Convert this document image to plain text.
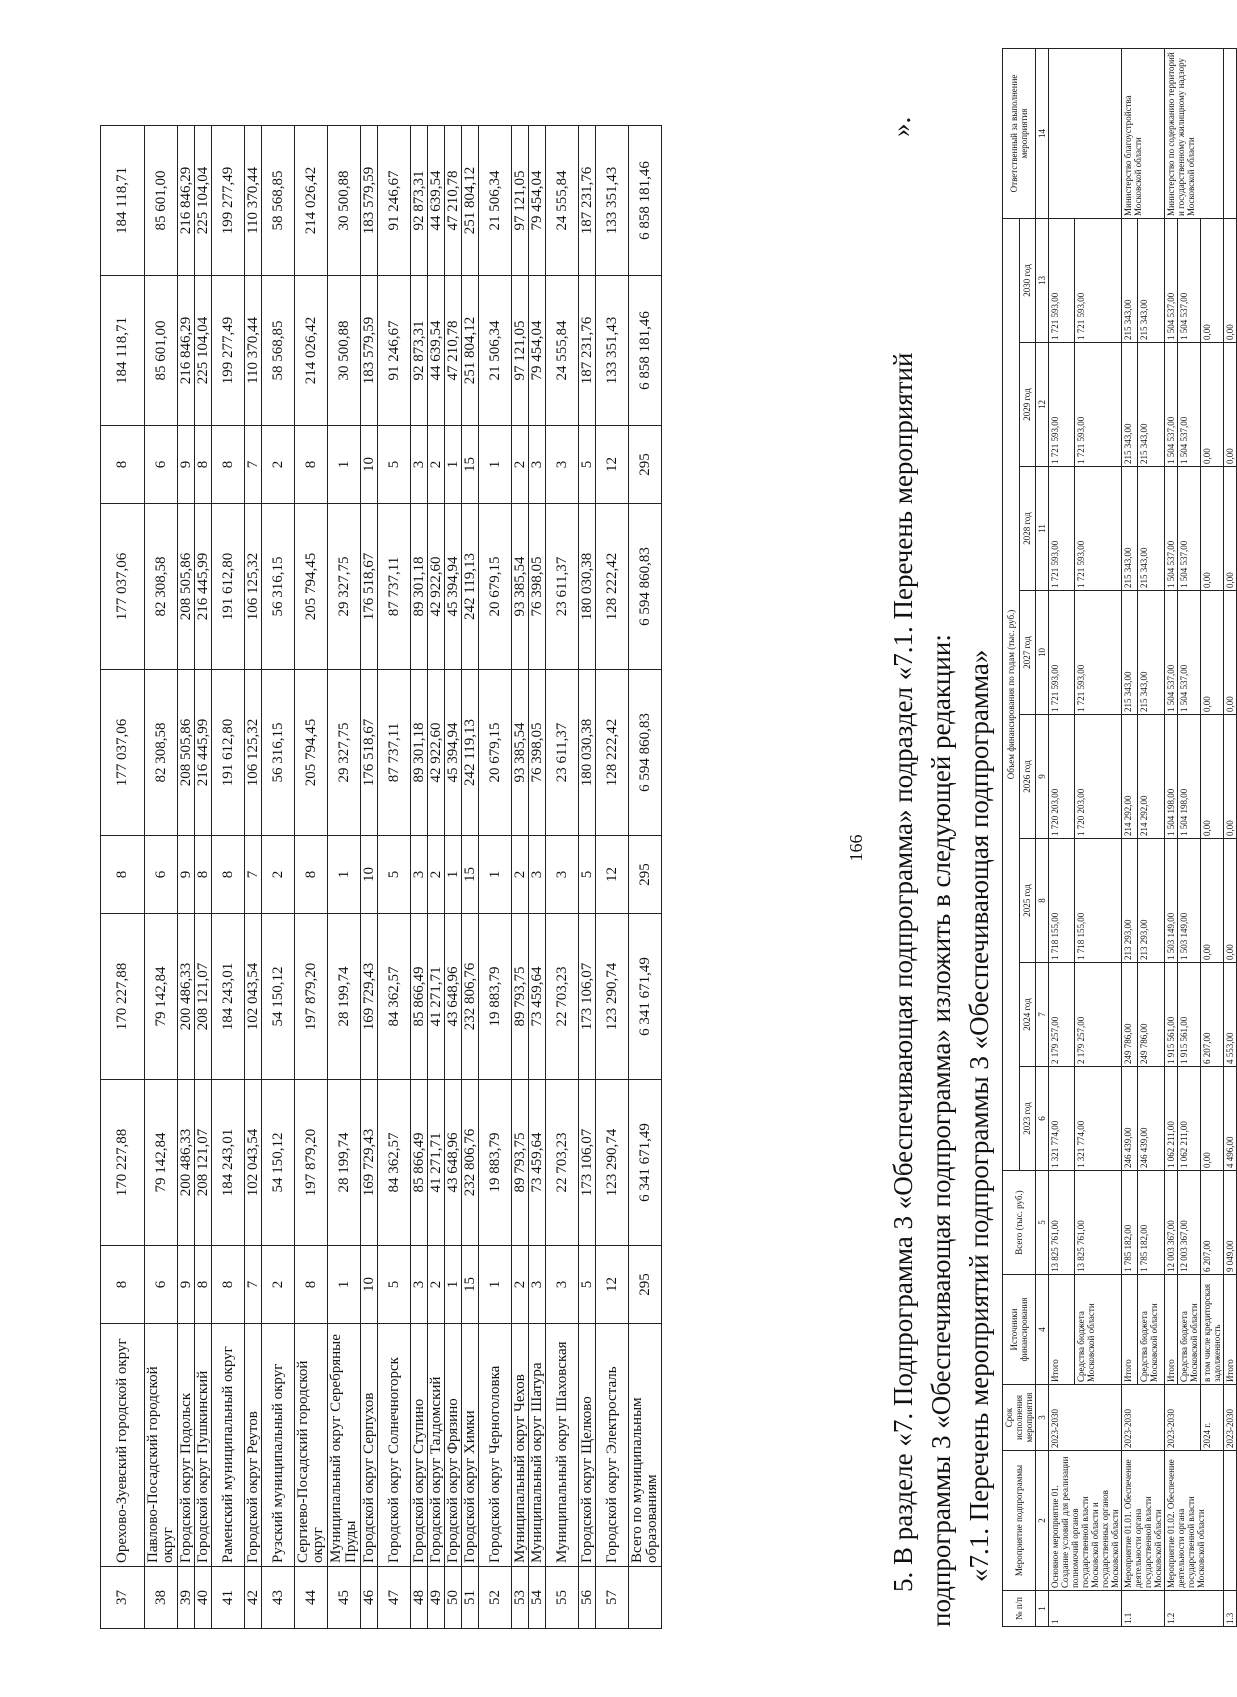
166
37	Орехово-Зуевский городской округ	8	170 227,88	170 227,88	8	177 037,06	177 037,06	8	184 118,71	184 118,71
38	Павлово-Посадский городской округ	6	79 142,84	79 142,84	6	82 308,58	82 308,58	6	85 601,00	85 601,00
39	Городской округ Подольск	9	200 486,33	200 486,33	9	208 505,86	208 505,86	9	216 846,29	216 846,29
40	Городской округ Пушкинский	8	208 121,07	208 121,07	8	216 445,99	216 445,99	8	225 104,04	225 104,04
41	Раменский муниципальный округ	8	184 243,01	184 243,01	8	191 612,80	191 612,80	8	199 277,49	199 277,49
42	Городской округ Реутов	7	102 043,54	102 043,54	7	106 125,32	106 125,32	7	110 370,44	110 370,44
43	Рузский муниципальный округ	2	54 150,12	54 150,12	2	56 316,15	56 316,15	2	58 568,85	58 568,85
44	Сергиево-Посадский городской округ	8	197 879,20	197 879,20	8	205 794,45	205 794,45	8	214 026,42	214 026,42
45	Муниципальный округ Серебряные Пруды	1	28 199,74	28 199,74	1	29 327,75	29 327,75	1	30 500,88	30 500,88
46	Городской округ Серпухов	10	169 729,43	169 729,43	10	176 518,67	176 518,67	10	183 579,59	183 579,59
47	Городской округ Солнечногорск	5	84 362,57	84 362,57	5	87 737,11	87 737,11	5	91 246,67	91 246,67
48	Городской округ Ступино	3	85 866,49	85 866,49	3	89 301,18	89 301,18	3	92 873,31	92 873,31
49	Городской округ Талдомский	2	41 271,71	41 271,71	2	42 922,60	42 922,60	2	44 639,54	44 639,54
50	Городской округ Фрязино	1	43 648,96	43 648,96	1	45 394,94	45 394,94	1	47 210,78	47 210,78
51	Городской округ Химки	15	232 806,76	232 806,76	15	242 119,13	242 119,13	15	251 804,12	251 804,12
52	Городской округ Черноголовка	1	19 883,79	19 883,79	1	20 679,15	20 679,15	1	21 506,34	21 506,34
53	Муниципальный округ Чехов	2	89 793,75	89 793,75	2	93 385,54	93 385,54	2	97 121,05	97 121,05
54	Муниципальный округ Шатура	3	73 459,64	73 459,64	3	76 398,05	76 398,05	3	79 454,04	79 454,04
55	Муниципальный округ Шаховская	3	22 703,23	22 703,23	3	23 611,37	23 611,37	3	24 555,84	24 555,84
56	Городской округ Щелково	5	173 106,07	173 106,07	5	180 030,38	180 030,38	5	187 231,76	187 231,76
57	Городской округ Электросталь	12	123 290,74	123 290,74	12	128 222,42	128 222,42	12	133 351,43	133 351,43
	Всего по муниципальным образованиям	295	6 341 671,49	6 341 671,49	295	6 594 860,83	6 594 860,83	295	6 858 181,46	6 858 181,46
5. В разделе «7. Подпрограмма 3 «Обеспечивающая подпрограмма» подраздел «7.1. Перечень мероприятий подпрограммы 3 «Обеспечивающая подпрограмма» изложить в следующей редакции:
».
«7.1. Перечень мероприятий подпрограммы 3 «Обеспечивающая подпрограмма»
№ п/п	Мероприятие подпрограммы	Срок исполнения мероприятия	Источники финансирования	Всего (тыс. руб.)	Объем финансирования по годам (тыс. руб.)								Ответственный за выполнение мероприятия
					2023 год	2024 год	2025 год	2026 год	2027 год	2028 год	2029 год	2030 год	
1	2	3	4	5	6	7	8	9	10	11	12	13	14
1	Основное мероприятие 01. Создание условий для реализации полномочий органов государственной власти Московской области и государственных органов Московской области	2023-2030	Итого	13 825 761,00	1 321 774,00	2 179 257,00	1 718 155,00	1 720 203,00	1 721 593,00	1 721 593,00	1 721 593,00	1 721 593,00	
			Средства бюджета Московской области	13 825 761,00	1 321 774,00	2 179 257,00	1 718 155,00	1 720 203,00	1 721 593,00	1 721 593,00	1 721 593,00	1 721 593,00	
1.1	Мероприятие 01.01. Обеспечение деятельности органа государственной власти Московской области	2023-2030	Итого	1 785 182,00	246 439,00	249 786,00	213 293,00	214 292,00	215 343,00	215 343,00	215 343,00	215 343,00	Министерство благоустройства Московской области
			Средства бюджета Московской области	1 785 182,00	246 439,00	249 786,00	213 293,00	214 292,00	215 343,00	215 343,00	215 343,00	215 343,00	
1.2	Мероприятие 01.02. Обеспечение деятельности органа государственной власти Московской области	2023-2030	Итого	12 003 367,00	1 062 211,00	1 915 561,00	1 503 149,00	1 504 198,00	1 504 537,00	1 504 537,00	1 504 537,00	1 504 537,00	Министерство по содержанию территорий и государственному жилищному надзору Московской области
			Средства бюджета Московской области	12 003 367,00	1 062 211,00	1 915 561,00	1 503 149,00	1 504 198,00	1 504 537,00	1 504 537,00	1 504 537,00	1 504 537,00	
		2024 г.	в том числе кредиторская задолженность	6 207,00	0,00	6 207,00	0,00	0,00	0,00	0,00	0,00	0,00	
1.3		2023-2030	Итого	9 049,00	4 496,00	4 553,00	0,00	0,00	0,00	0,00	0,00	0,00	
